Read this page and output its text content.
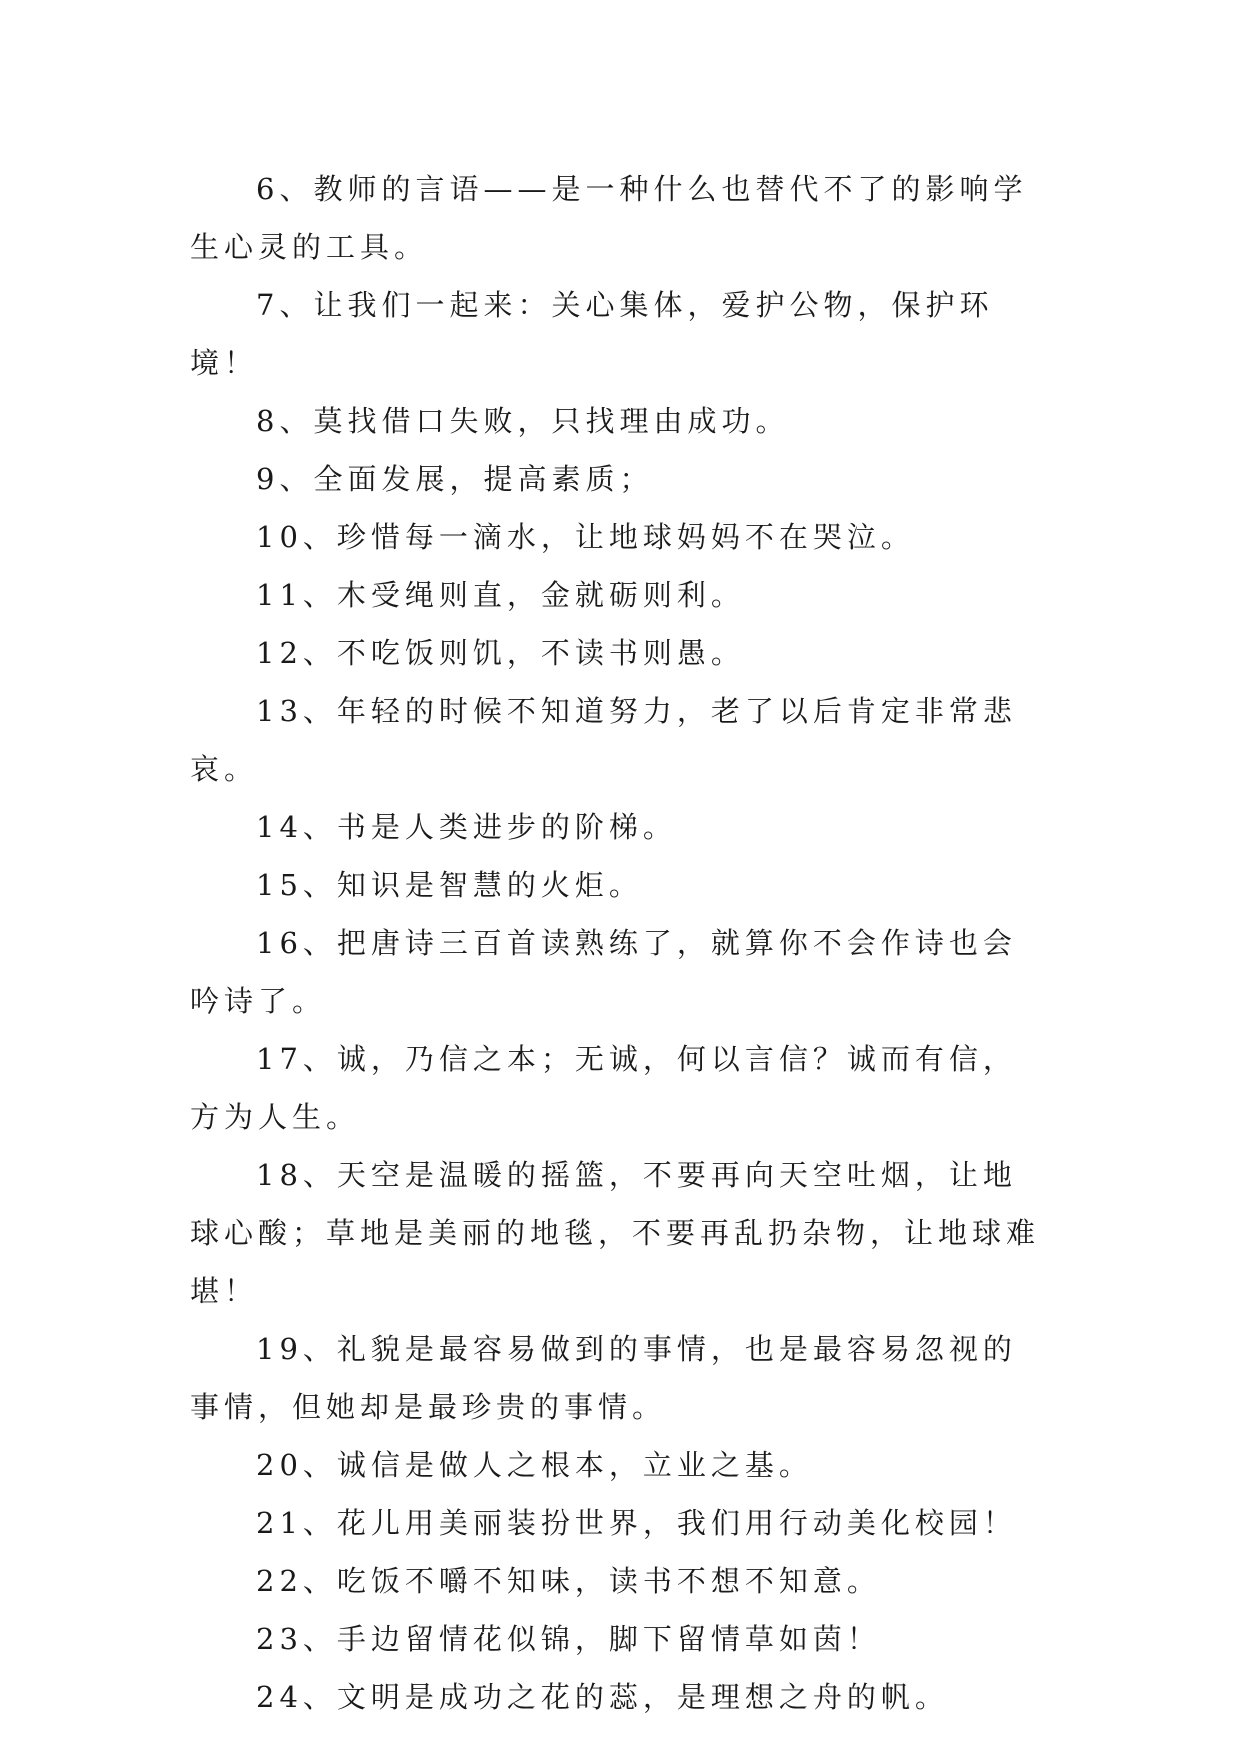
6、教师的言语——是一种什么也替代不了的影响学生心灵的工具。

7、让我们一起来：关心集体，爱护公物，保护环境！

8、莫找借口失败，只找理由成功。

9、全面发展，提高素质；

10、珍惜每一滴水，让地球妈妈不在哭泣。

11、木受绳则直，金就砺则利。

12、不吃饭则饥，不读书则愚。

13、年轻的时候不知道努力，老了以后肯定非常悲哀。

14、书是人类进步的阶梯。

15、知识是智慧的火炬。

16、把唐诗三百首读熟练了，就算你不会作诗也会吟诗了。

17、诚，乃信之本；无诚，何以言信？诚而有信，方为人生。

18、天空是温暖的摇篮，不要再向天空吐烟，让地球心酸；草地是美丽的地毯，不要再乱扔杂物，让地球难堪！

19、礼貌是最容易做到的事情，也是最容易忽视的事情，但她却是最珍贵的事情。

20、诚信是做人之根本，立业之基。

21、花儿用美丽装扮世界，我们用行动美化校园！

22、吃饭不嚼不知味，读书不想不知意。

23、手边留情花似锦，脚下留情草如茵！

24、文明是成功之花的蕊，是理想之舟的帆。
